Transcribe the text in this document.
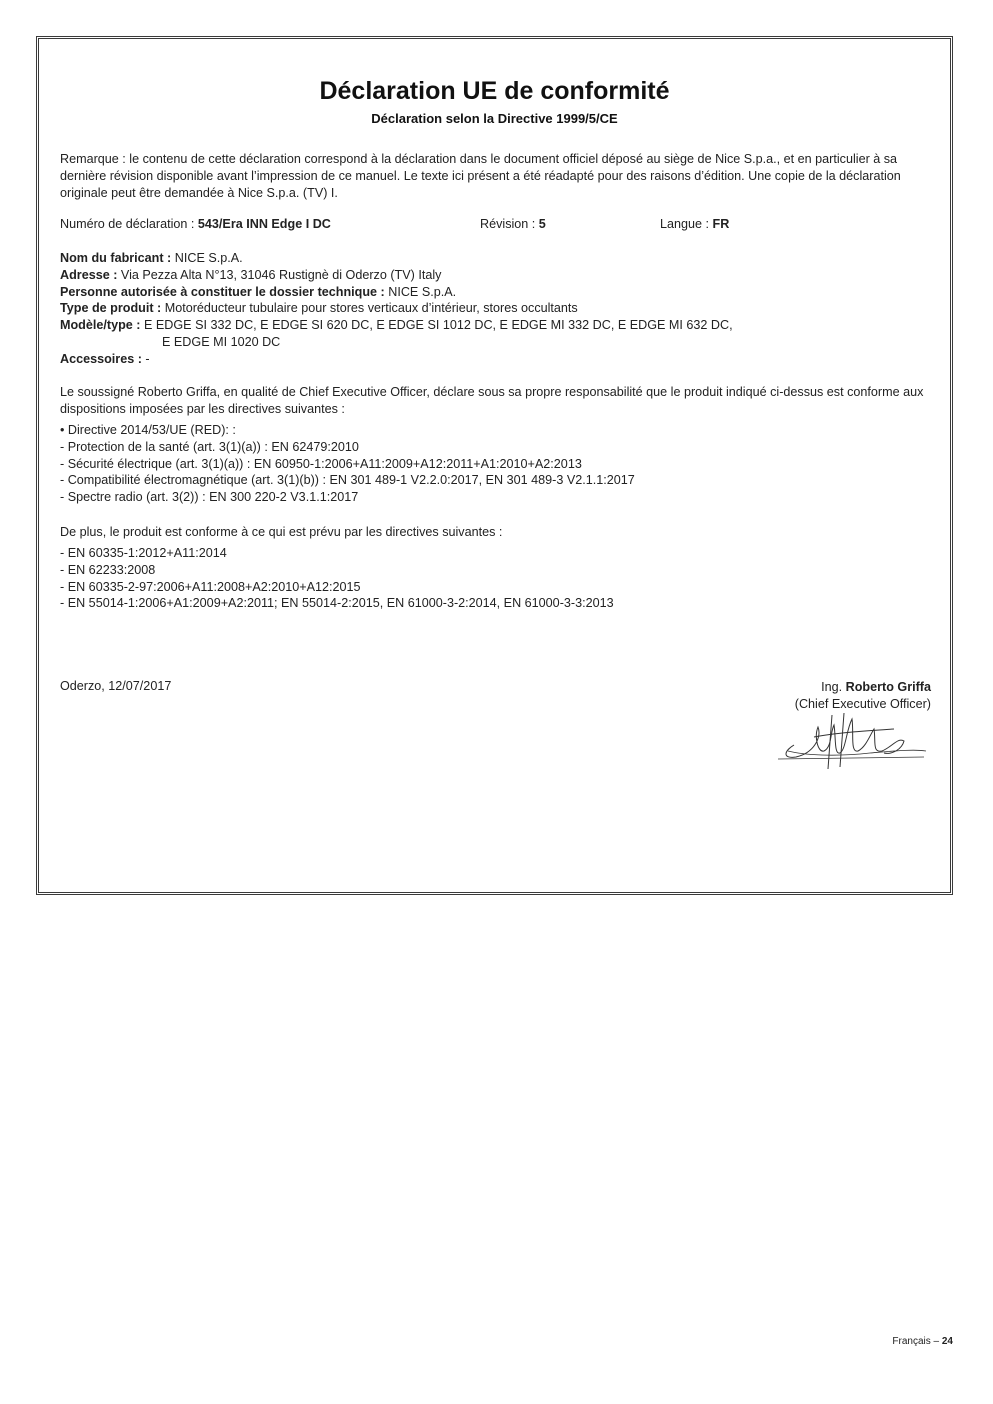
Déclaration UE de conformité
Déclaration selon la Directive 1999/5/CE
Remarque : le contenu de cette déclaration correspond à la déclaration dans le document officiel déposé au siège de Nice S.p.a., et en particulier à sa dernière révision disponible avant l’impression de ce manuel. Le texte ici présent a été réadapté pour des raisons d’édition. Une copie de la déclaration originale peut être demandée à Nice S.p.a. (TV) I.
Numéro de déclaration : 543/Era INN Edge I DC	Révision : 5	Langue : FR
Nom du fabricant : NICE S.p.A.
Adresse : Via Pezza Alta N°13, 31046 Rustignè di Oderzo (TV) Italy
Personne autorisée à constituer le dossier technique : NICE S.p.A.
Type de produit : Motoréducteur tubulaire pour stores verticaux d’intérieur, stores occultants
Modèle/type : E EDGE SI 332 DC, E EDGE SI 620 DC, E EDGE SI 1012 DC, E EDGE MI 332 DC, E EDGE MI 632 DC,
E EDGE MI 1020 DC
Accessoires : -
Le soussigné Roberto Griffa, en qualité de Chief Executive Officer, déclare sous sa propre responsabilité que le produit indiqué ci-dessus est conforme aux dispositions imposées par les directives suivantes :
• Directive 2014/53/UE (RED): :
- Protection de la santé (art. 3(1)(a)) : EN 62479:2010
- Sécurité électrique (art. 3(1)(a)) : EN 60950-1:2006+A11:2009+A12:2011+A1:2010+A2:2013
- Compatibilité électromagnétique (art. 3(1)(b)) : EN 301 489-1 V2.2.0:2017, EN 301 489-3 V2.1.1:2017
- Spectre radio (art. 3(2)) : EN 300 220-2 V3.1.1:2017
De plus, le produit est conforme à ce qui est prévu par les directives suivantes :
- EN 60335-1:2012+A11:2014
- EN 62233:2008
- EN 60335-2-97:2006+A11:2008+A2:2010+A12:2015
- EN 55014-1:2006+A1:2009+A2:2011; EN 55014-2:2015, EN 61000-3-2:2014, EN 61000-3-3:2013
Oderzo, 12/07/2017	Ing. Roberto Griffa
(Chief Executive Officer)
Français – 24
